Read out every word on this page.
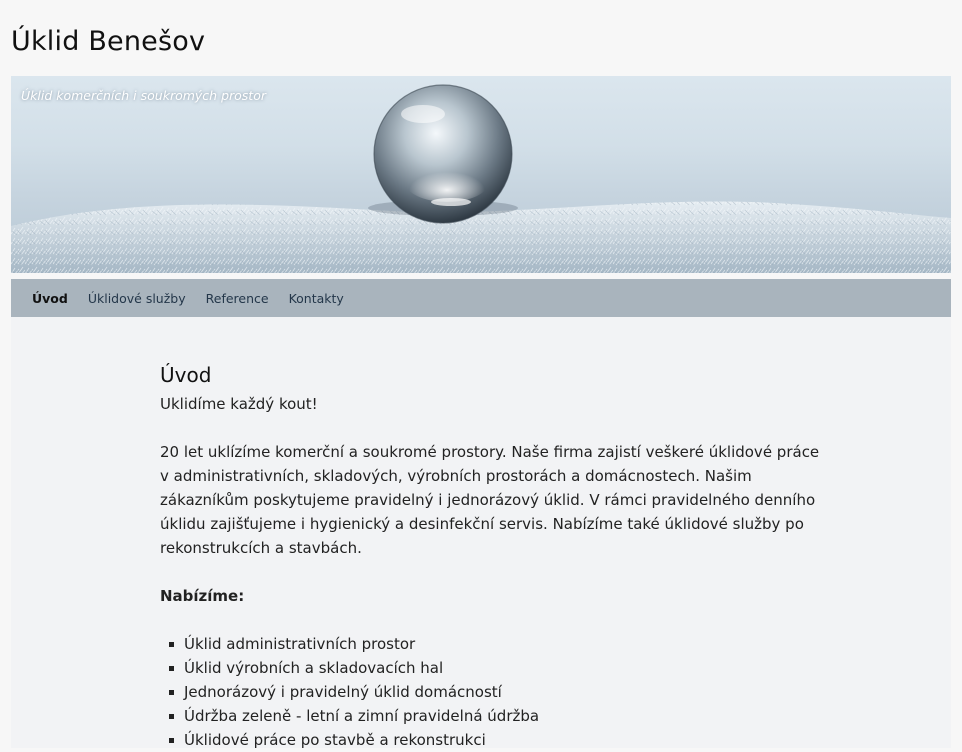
Úklid Benešov
Úklid komerčních i soukromých prostor
Úvod Úklidové služby Reference Kontakty
Úvod

Uklidíme každý kout!

20 let uklízíme komerční a soukromé prostory. Naše firma zajistí veškeré úklidové práce v administrativních, skladových, výrobních prostorách a domácnostech. Našim zákazníkům poskytujeme pravidelný i jednorázový úklid. V rámci pravidelného denního úklidu zajišťujeme i hygienický a desinfekční servis. Nabízíme také úklidové služby po rekonstrukcích a stavbách.

Nabízíme:

Úklid administrativních prostor
Úklid výrobních a skladovacích hal
Jednorázový i pravidelný úklid domácností
Údržba zeleně - letní a zimní pravidelná údržba
Úklidové práce po stavbě a rekonstrukci
